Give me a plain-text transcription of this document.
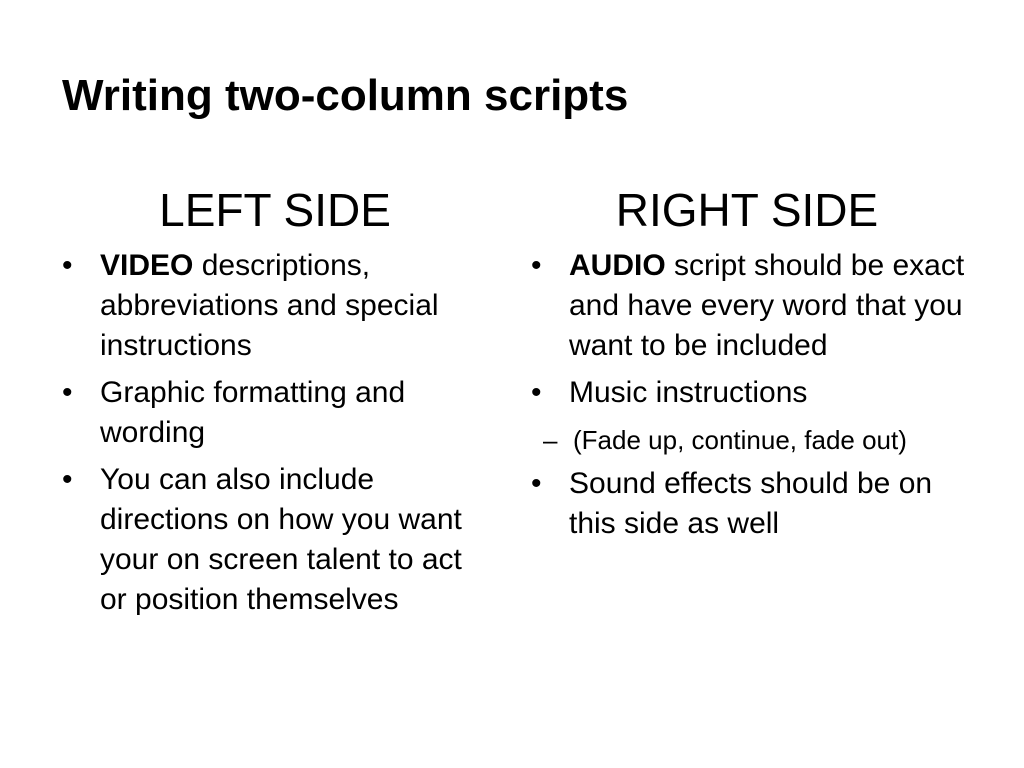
Writing two-column scripts
LEFT SIDE
• VIDEO descriptions, abbreviations and special instructions
• Graphic formatting and wording
• You can also include directions on how you want your on screen talent to act or position themselves
RIGHT SIDE
• AUDIO script should be exact and have every word that you want to be included
• Music instructions
– (Fade up, continue, fade out)
• Sound effects should be on this side as well
